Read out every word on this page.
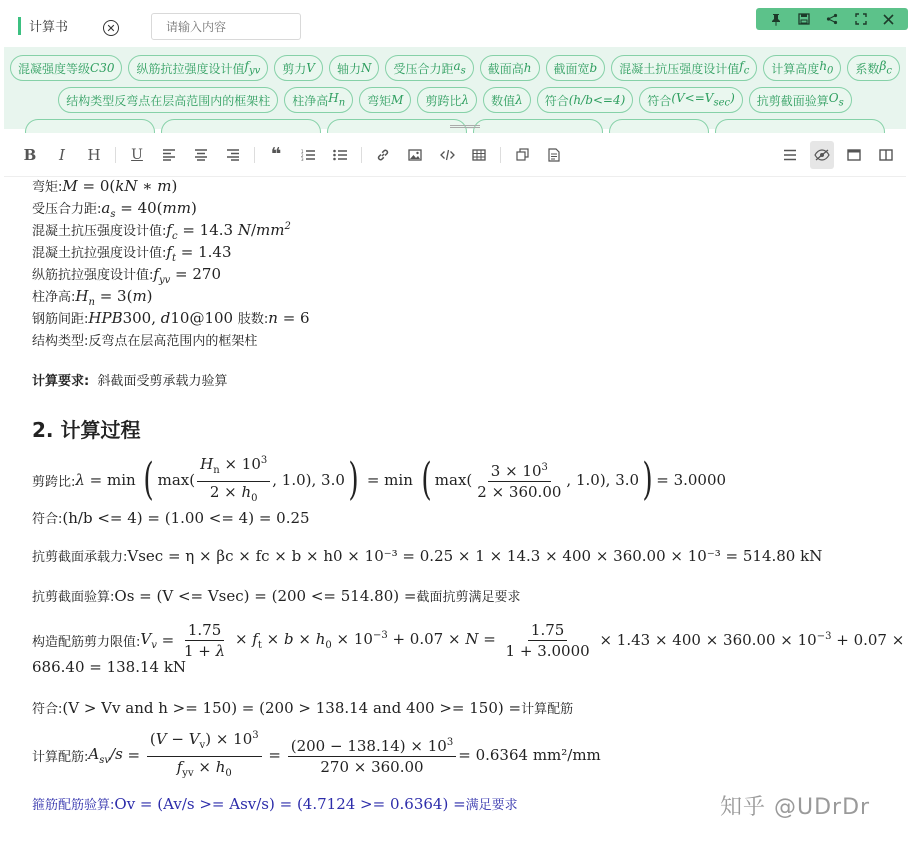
计算书	✕
请输入内容
混凝强度等级 C30	纵筋抗拉强度设计值 $f_{yv}$	剪力 V	轴力 N	受压合力距 $a_s$	截面高 h	截面宽 b	混凝土抗压强度设计值 $f_c$	计算高度 $h_0$	系数 $\beta_c$
结构类型反弯点在层高范围内的框架柱	柱净高 $H_n$	弯矩 M	剪跨比 λ	数值 λ	符合 (h/b<=4)	符合 $(V<=V_{sec})$	抗剪截面验算 $O_s$
B	I	H	U	❝	1
2
3
弯矩:M = 0(kN ∗ m)
受压合力距$:a_s = 40(mm)$
混凝土抗压强度设计值$:f_c = 14.3$ $N/mm^2$
混凝土抗拉强度设计值$:f_t = 1.43$
纵筋抗拉强度设计值$:f_{yv} = 270$
柱净高$:H_n = 3(m)$
钢筋间距:HPB300, d10@100 肢数:n = 6
结构类型:反弯点在层高范围内的框架柱
计算要求: 斜截面受剪承载力验算
2. 计算过程
剪跨比: λ = min ( $\max( \frac{H_n \times 10^3}{2 \times h_0}$ , 1.0), 3.0 ) = min ( $\max( \frac{3 \times 10^3}{2 \times 360.00}$ , 1.0), 3.0 ) = 3.0000
符合:(h/b <= 4) = (1.00 <= 4) = 0.25
抗剪截面承载力:Vsec = η × βc × fc × b × h0 × 10⁻³ = 0.25 × 1 × 14.3 × 400 × 360.00 × 10⁻³ = 514.80 kN
抗剪截面验算:Os = (V <= Vsec) = (200 <= 514.80) =截面抗剪满足要求
构造配筋剪力限值: $V_v = \frac{1.75}{1 + \lambda} \times f_t \times b \times h_0 \times 10^{-3} + 0.07 \times N = \frac{1.75}{1 + 3.0000} \times 1.43 \times 400 \times 360.00 \times 10^{-3} + 0.07$ ×
686.40 = 138.14 kN
符合:(V > Vv and h >= 150) = (200 > 138.14 and 400 >= 150) =计算配筋
计算配筋: $A_{sv}/s = \frac{(V - V_v) \times 10^3}{f_{yv} \times h_0} = \frac{(200 - 138.14) \times 10^3}{270 \times 360.00} = 0.6364$ mm²/mm
箍筋配筋验算:Ov = (Av/s >= Asv/s) = (4.7124 >= 0.6364) =满足要求	知乎 @UDrDr
